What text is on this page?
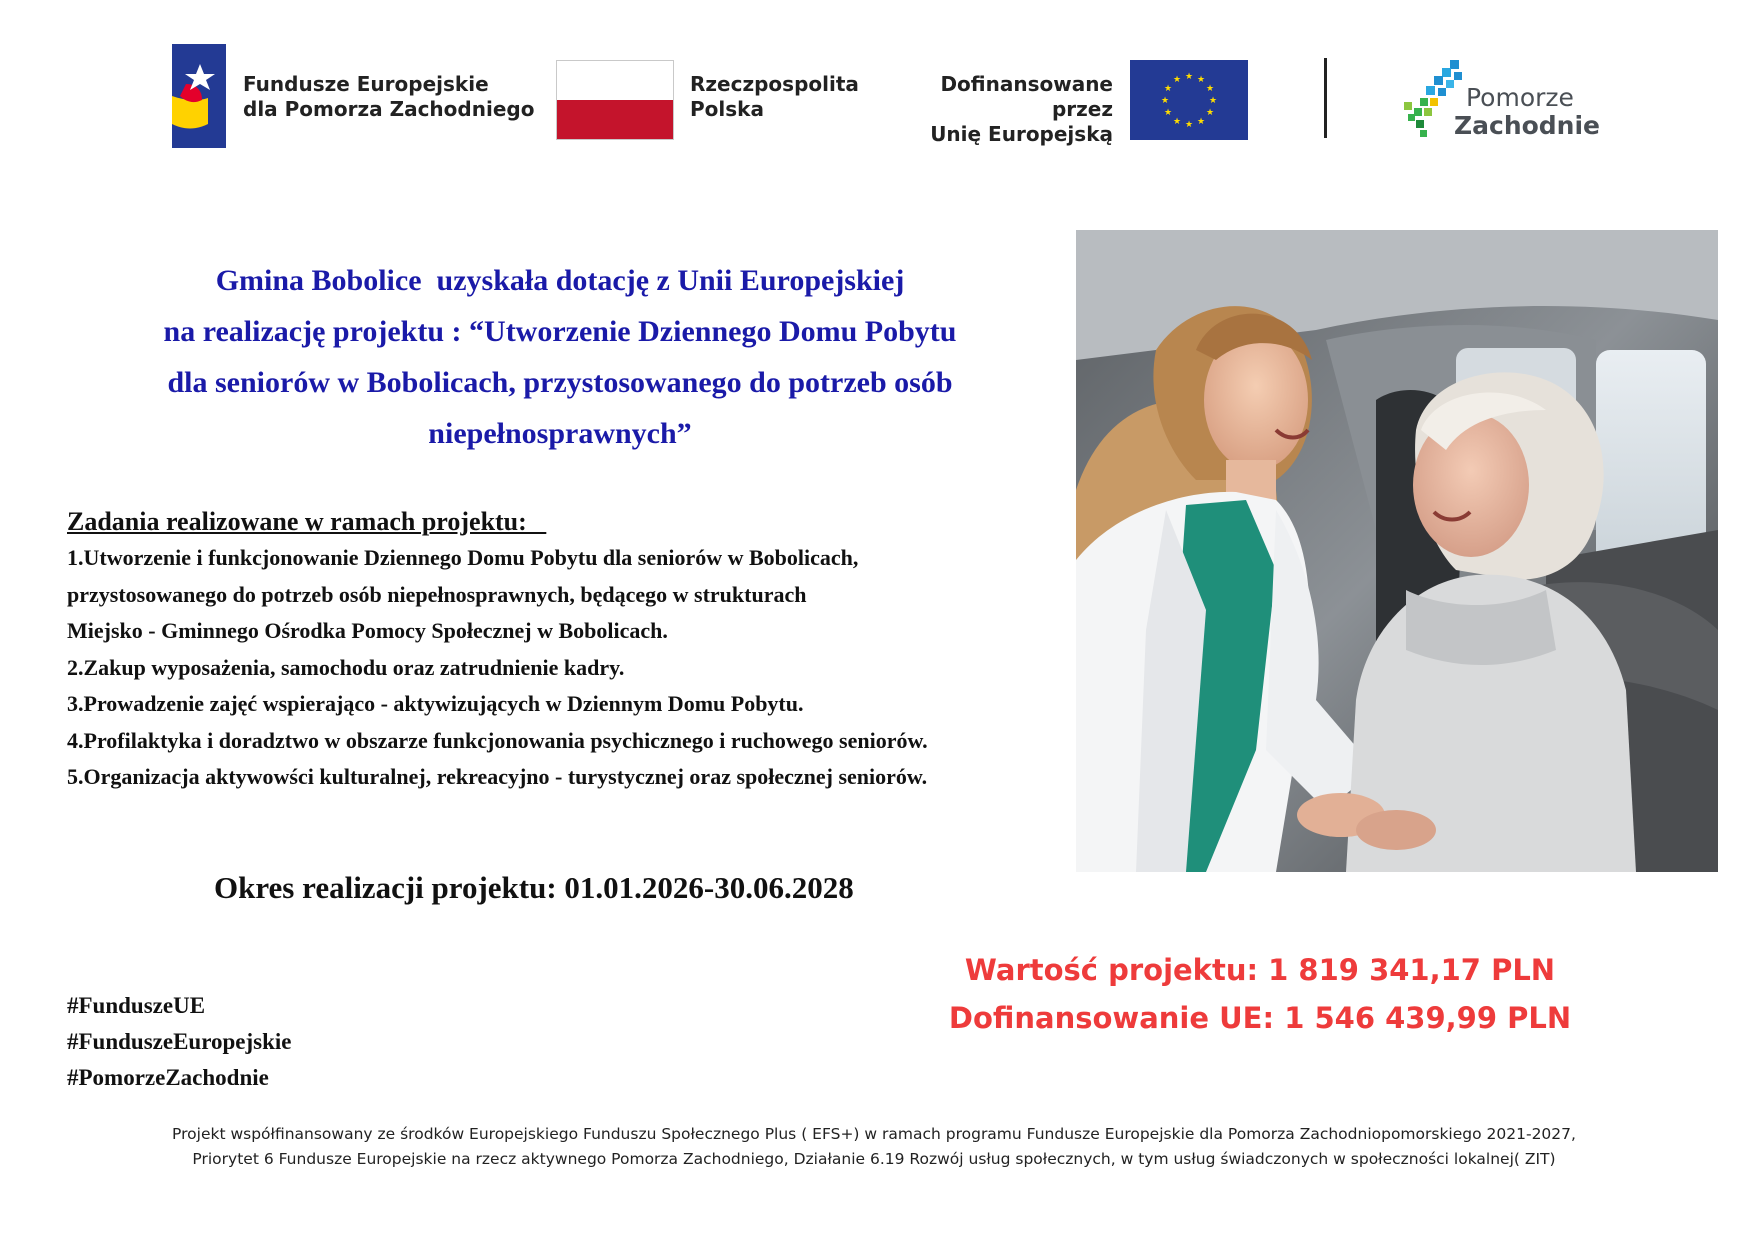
Fundusze Europejskie
dla Pomorza Zachodniego
Rzeczpospolita
Polska
Dofinansowane przez
Unię Europejską
★ ★
★
★
★
★
★
★
★
★
★
★
Pomorze
Zachodnie
Gmina Bobolice  uzyskała dotację z Unii Europejskiej
na realizację projektu : “Utworzenie Dziennego Domu Pobytu
dla seniorów w Bobolicach, przystosowanego do potrzeb osób
niepełnosprawnych”
Zadania realizowane w ramach projektu:
1.Utworzenie i funkcjonowanie Dziennego Domu Pobytu dla seniorów w Bobolicach,
przystosowanego do potrzeb osób niepełnosprawnych, będącego w strukturach
Miejsko - Gminnego Ośrodka Pomocy Społecznej w Bobolicach.
2.Zakup wyposażenia, samochodu oraz zatrudnienie kadry.
3.Prowadzenie zajęć wspierająco - aktywizujących w Dziennym Domu Pobytu.
4.Profilaktyka i doradztwo w obszarze funkcjonowania psychicznego i ruchowego seniorów.
5.Organizacja aktywowści kulturalnej, rekreacyjno - turystycznej oraz społecznej seniorów.
Okres realizacji projektu: 01.01.2026-30.06.2028
Wartość projektu: 1 819 341,17 PLN
Dofinansowanie UE: 1 546 439,99 PLN
#FunduszeUE
#FunduszeEuropejskie
#PomorzeZachodnie
Projekt współfinansowany ze środków Europejskiego Funduszu Społecznego Plus ( EFS+) w ramach programu Fundusze Europejskie dla Pomorza Zachodniopomorskiego 2021-2027,
Priorytet 6 Fundusze Europejskie na rzecz aktywnego Pomorza Zachodniego, Działanie 6.19 Rozwój usług społecznych, w tym usług świadczonych w społeczności lokalnej( ZIT)
